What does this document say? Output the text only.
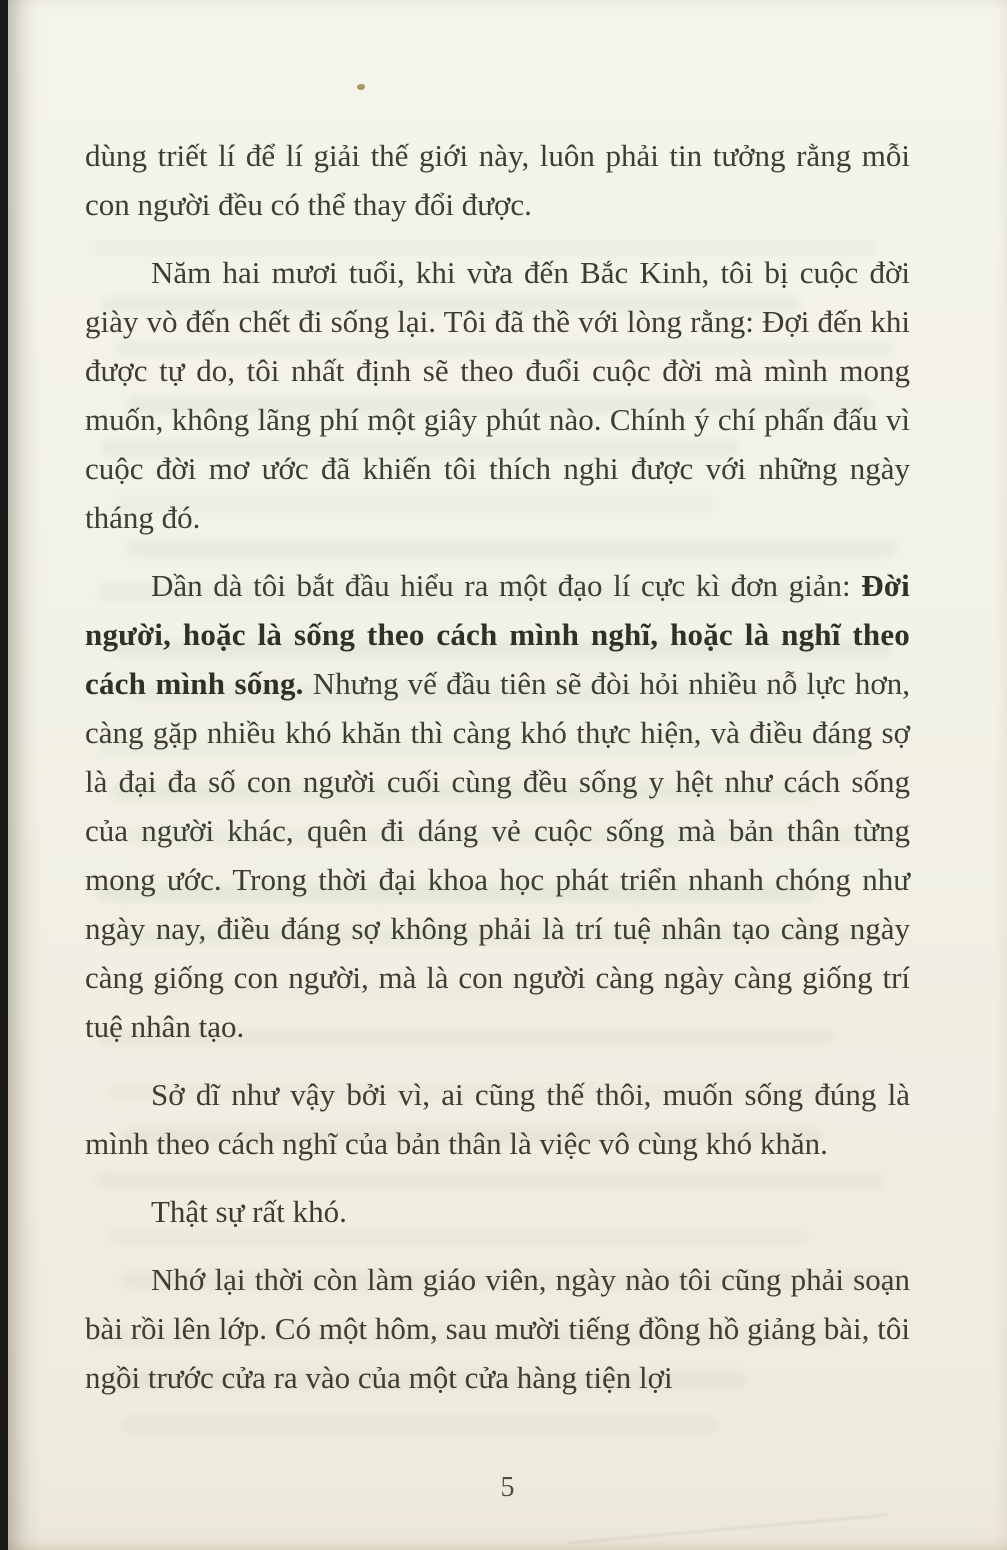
dùng triết lí để lí giải thế giới này, luôn phải tin tưởng rằng mỗi con người đều có thể thay đổi được.

Năm hai mươi tuổi, khi vừa đến Bắc Kinh, tôi bị cuộc đời giày vò đến chết đi sống lại. Tôi đã thề với lòng rằng: Đợi đến khi được tự do, tôi nhất định sẽ theo đuổi cuộc đời mà mình mong muốn, không lãng phí một giây phút nào. Chính ý chí phấn đấu vì cuộc đời mơ ước đã khiến tôi thích nghi được với những ngày tháng đó.

Dần dà tôi bắt đầu hiểu ra một đạo lí cực kì đơn giản: Đời người, hoặc là sống theo cách mình nghĩ, hoặc là nghĩ theo cách mình sống. Nhưng vế đầu tiên sẽ đòi hỏi nhiều nỗ lực hơn, càng gặp nhiều khó khăn thì càng khó thực hiện, và điều đáng sợ là đại đa số con người cuối cùng đều sống y hệt như cách sống của người khác, quên đi dáng vẻ cuộc sống mà bản thân từng mong ước. Trong thời đại khoa học phát triển nhanh chóng như ngày nay, điều đáng sợ không phải là trí tuệ nhân tạo càng ngày càng giống con người, mà là con người càng ngày càng giống trí tuệ nhân tạo.

Sở dĩ như vậy bởi vì, ai cũng thế thôi, muốn sống đúng là mình theo cách nghĩ của bản thân là việc vô cùng khó khăn.

Thật sự rất khó.

Nhớ lại thời còn làm giáo viên, ngày nào tôi cũng phải soạn bài rồi lên lớp. Có một hôm, sau mười tiếng đồng hồ giảng bài, tôi ngồi trước cửa ra vào của một cửa hàng tiện lợi

5
